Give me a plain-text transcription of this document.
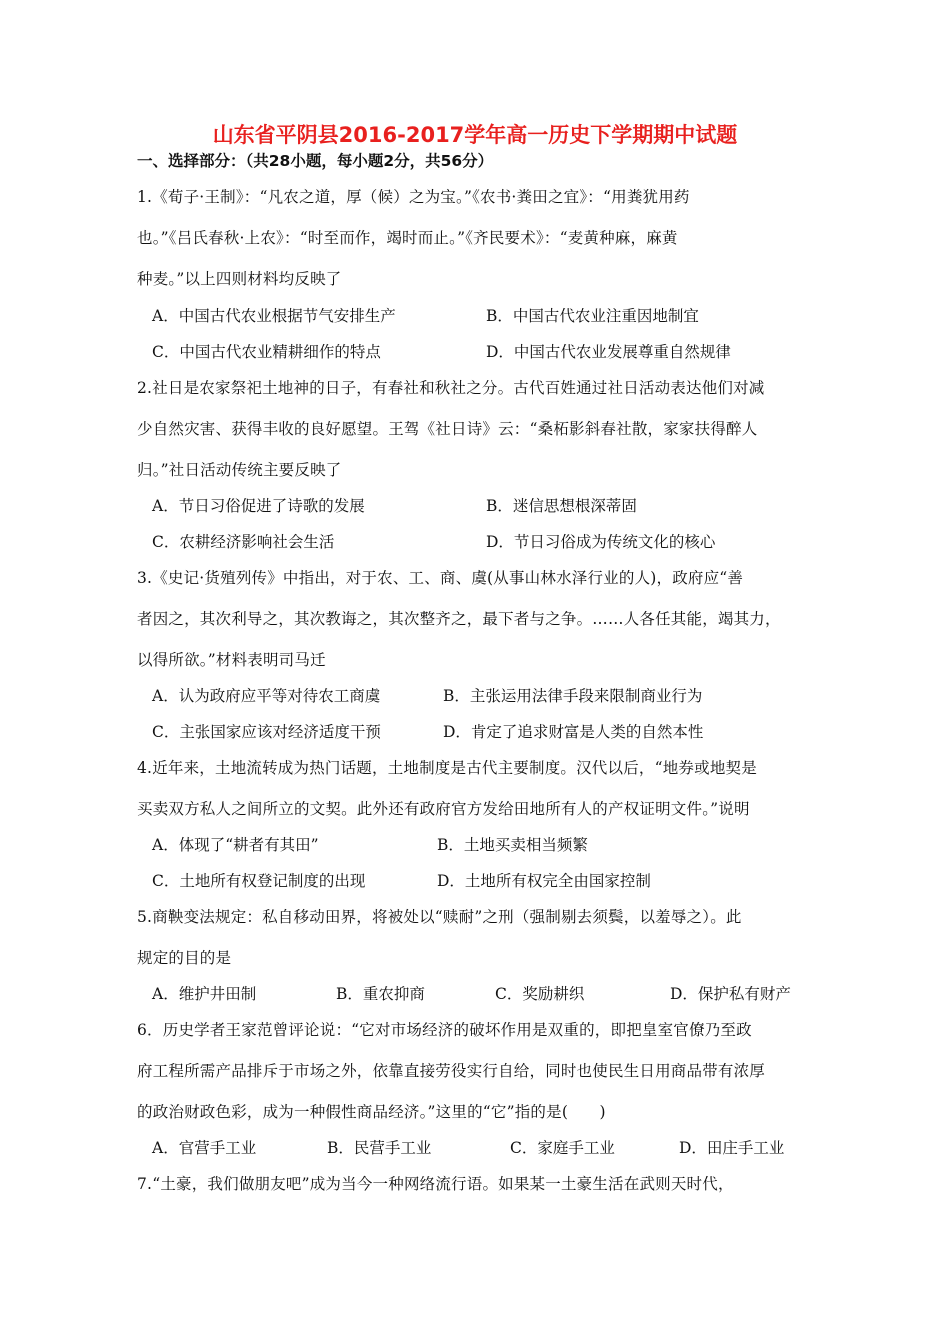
山东省平阴县2016-2017学年高一历史下学期期中试题
一、选择部分：（共28小题，每小题2分，共56分）
1.《荀子·王制》：“凡农之道，厚（候）之为宝。”《农书·粪田之宜》：“用粪犹用药
也。”《吕氏春秋·上农》：“时至而作，竭时而止。”《齐民要术》：“麦黄种麻，麻黄
种麦。”以上四则材料均反映了
A．中国古代农业根据节气安排生产	B．中国古代农业注重因地制宜
C．中国古代农业精耕细作的特点	D．中国古代农业发展尊重自然规律
2.社日是农家祭祀土地神的日子，有春社和秋社之分。古代百姓通过社日活动表达他们对减
少自然灾害、获得丰收的良好愿望。王驾《社日诗》云：“桑柘影斜春社散，家家扶得醉人
归。”社日活动传统主要反映了
A．节日习俗促进了诗歌的发展	B．迷信思想根深蒂固
C．农耕经济影响社会生活	D．节日习俗成为传统文化的核心
3.《史记·货殖列传》中指出，对于农、工、商、虞(从事山林水泽行业的人)，政府应“善
者因之，其次利导之，其次教诲之，其次整齐之，最下者与之争。……人各任其能，竭其力，
以得所欲。”材料表明司马迁
A．认为政府应平等对待农工商虞	B．主张运用法律手段来限制商业行为
C．主张国家应该对经济适度干预	D．肯定了追求财富是人类的自然本性
4.近年来，土地流转成为热门话题，土地制度是古代主要制度。汉代以后，“地券或地契是
买卖双方私人之间所立的文契。此外还有政府官方发给田地所有人的产权证明文件。”说明
A．体现了“耕者有其田”	B．土地买卖相当频繁
C．土地所有权登记制度的出现	D．土地所有权完全由国家控制
5.商鞅变法规定：私自移动田界，将被处以“赎耐”之刑（强制剔去须鬓，以羞辱之）。此
规定的目的是
A．维护井田制	B．重农抑商	C．奖励耕织	D．保护私有财产
6．历史学者王家范曾评论说：“它对市场经济的破坏作用是双重的，即把皇室官僚乃至政
府工程所需产品排斥于市场之外，依靠直接劳役实行自给，同时也使民生日用商品带有浓厚
的政治财政色彩，成为一种假性商品经济。”这里的“它”指的是(　　)
A．官营手工业	B．民营手工业	C．家庭手工业	D．田庄手工业
7.“土豪，我们做朋友吧”成为当今一种网络流行语。如果某一土豪生活在武则天时代，
